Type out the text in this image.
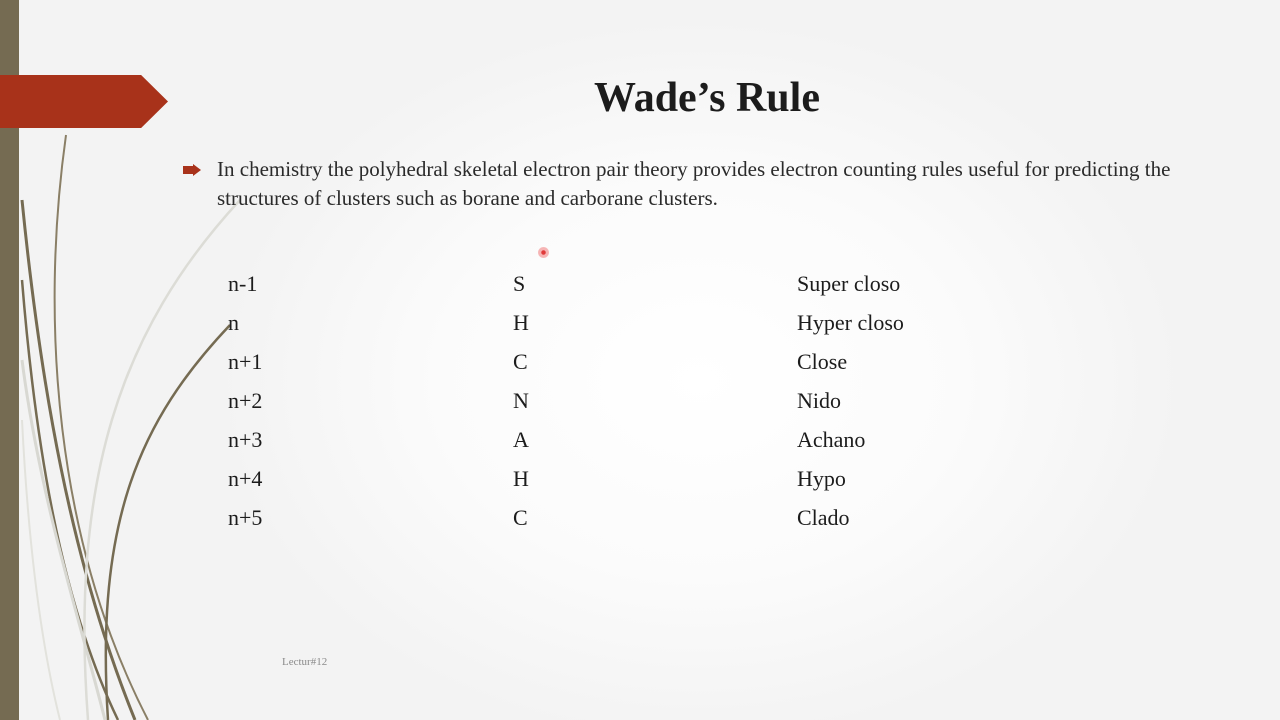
Wade’s Rule

In chemistry the polyhedral skeletal electron pair theory provides electron counting rules useful for predicting the structures of clusters such as borane and carborane clusters.

n-1	S	Super closo
n	H	Hyper closo
n+1	C	Close
n+2	N	Nido
n+3	A	Achano
n+4	H	Hypo
n+5	C	Clado
Lectur#12
